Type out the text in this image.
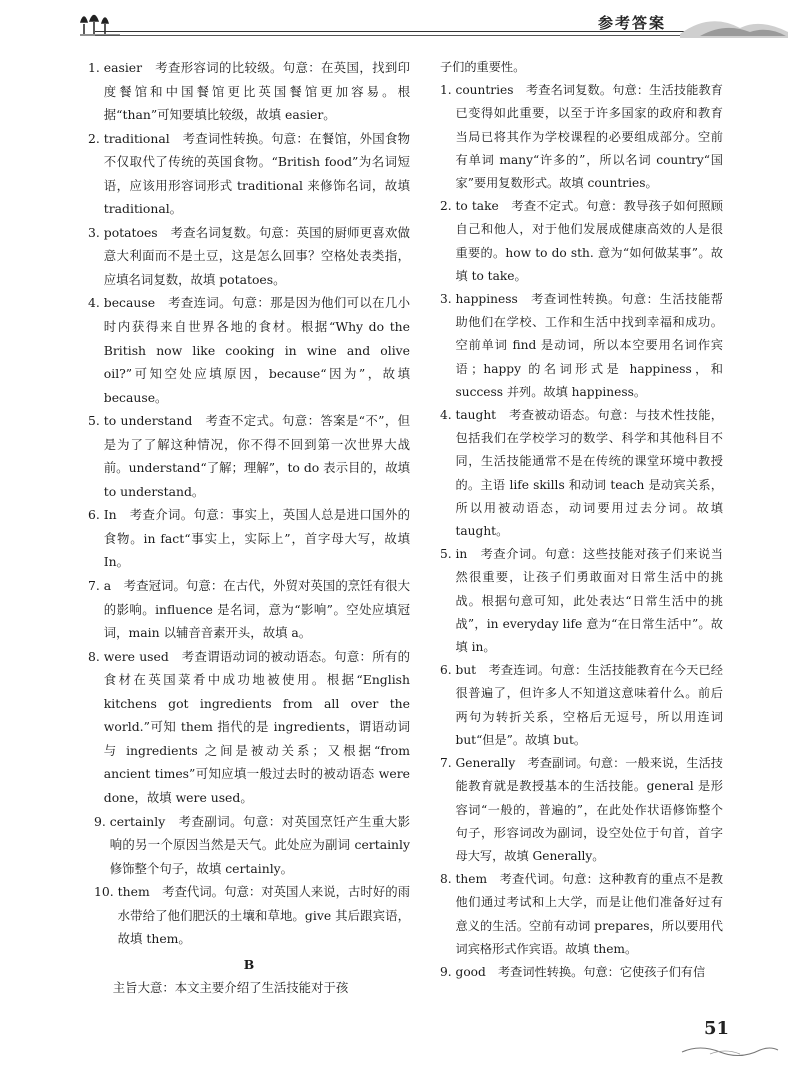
参考答案
1. easier　考查形容词的比较级。句意：在英国，找到印度餐馆和中国餐馆更比英国餐馆更加容易。根据“than”可知要填比较级，故填 easier。
2. traditional　考查词性转换。句意：在餐馆，外国食物不仅取代了传统的英国食物。“British food”为名词短语，应该用形容词形式 traditional 来修饰名词，故填 traditional。
3. potatoes　考查名词复数。句意：英国的厨师更喜欢做意大利面而不是土豆，这是怎么回事？空格处表类指，应填名词复数，故填 potatoes。
4. because　考查连词。句意：那是因为他们可以在几小时内获得来自世界各地的食材。根据“Why do the British now like cooking in wine and olive oil?”可知空处应填原因，because“因为”，故填 because。
5. to understand　考查不定式。句意：答案是“不”，但是为了了解这种情况，你不得不回到第一次世界大战前。understand“了解；理解”，to do 表示目的，故填 to understand。
6. In　考查介词。句意：事实上，英国人总是进口国外的食物。in fact“事实上，实际上”，首字母大写，故填 In。
7. a　考查冠词。句意：在古代，外贸对英国的烹饪有很大的影响。influence 是名词，意为“影响”。空处应填冠词，main 以辅音音素开头，故填 a。
8. were used　考查谓语动词的被动语态。句意：所有的食材在英国菜肴中成功地被使用。根据“English kitchens got ingredients from all over the world.”可知 them 指代的是 ingredients，谓语动词与 ingredients 之间是被动关系；又根据“from ancient times”可知应填一般过去时的被动语态 were done，故填 were used。
9. certainly　考查副词。句意：对英国烹饪产生重大影响的另一个原因当然是天气。此处应为副词 certainly 修饰整个句子，故填 certainly。
10. them　考查代词。句意：对英国人来说，古时好的雨水带给了他们肥沃的土壤和草地。give 其后跟宾语，故填 them。
B
主旨大意：本文主要介绍了生活技能对于孩
子们的重要性。
1. countries　考查名词复数。句意：生活技能教育已变得如此重要，以至于许多国家的政府和教育当局已将其作为学校课程的必要组成部分。空前有单词 many“许多的”，所以名词 country“国家”要用复数形式。故填 countries。
2. to take　考查不定式。句意：教导孩子如何照顾自己和他人，对于他们发展成健康高效的人是很重要的。how to do sth. 意为“如何做某事”。故填 to take。
3. happiness　考查词性转换。句意：生活技能帮助他们在学校、工作和生活中找到幸福和成功。空前单词 find 是动词，所以本空要用名词作宾语；happy 的名词形式是 happiness，和 success 并列。故填 happiness。
4. taught　考查被动语态。句意：与技术性技能，包括我们在学校学习的数学、科学和其他科目不同，生活技能通常不是在传统的课堂环境中教授的。主语 life skills 和动词 teach 是动宾关系，所以用被动语态，动词要用过去分词。故填 taught。
5. in　考查介词。句意：这些技能对孩子们来说当然很重要，让孩子们勇敢面对日常生活中的挑战。根据句意可知，此处表达“日常生活中的挑战”，in everyday life 意为“在日常生活中”。故填 in。
6. but　考查连词。句意：生活技能教育在今天已经很普遍了，但许多人不知道这意味着什么。前后两句为转折关系，空格后无逗号，所以用连词 but“但是”。故填 but。
7. Generally　考查副词。句意：一般来说，生活技能教育就是教授基本的生活技能。general 是形容词“一般的，普遍的”，在此处作状语修饰整个句子，形容词改为副词，设空处位于句首，首字母大写，故填 Generally。
8. them　考查代词。句意：这种教育的重点不是教他们通过考试和上大学，而是让他们准备好过有意义的生活。空前有动词 prepares，所以要用代词宾格形式作宾语。故填 them。
9. good　考查词性转换。句意：它使孩子们有信
51
